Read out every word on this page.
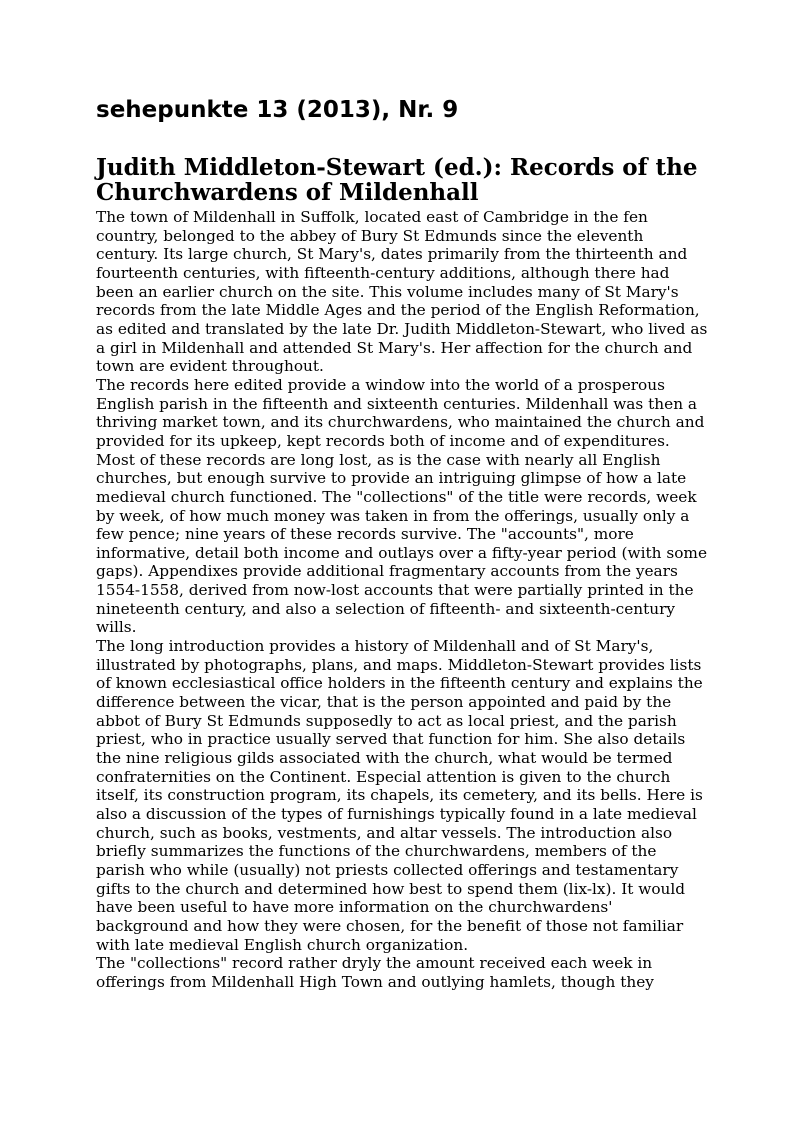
sehepunkte 13 (2013), Nr. 9
Judith Middleton-Stewart (ed.): Records of the Churchwardens of Mildenhall

The town of Mildenhall in Suffolk, located east of Cambridge in the fen country, belonged to the abbey of Bury St Edmunds since the eleventh century. Its large church, St Mary's, dates primarily from the thirteenth and fourteenth centuries, with fifteenth-century additions, although there had been an earlier church on the site. This volume includes many of St Mary's records from the late Middle Ages and the period of the English Reformation, as edited and translated by the late Dr. Judith Middleton-Stewart, who lived as a girl in Mildenhall and attended St Mary's. Her affection for the church and town are evident throughout.

The records here edited provide a window into the world of a prosperous English parish in the fifteenth and sixteenth centuries. Mildenhall was then a thriving market town, and its churchwardens, who maintained the church and provided for its upkeep, kept records both of income and of expenditures. Most of these records are long lost, as is the case with nearly all English churches, but enough survive to provide an intriguing glimpse of how a late medieval church functioned. The "collections" of the title were records, week by week, of how much money was taken in from the offerings, usually only a few pence; nine years of these records survive. The "accounts", more informative, detail both income and outlays over a fifty-year period (with some gaps). Appendixes provide additional fragmentary accounts from the years 1554-1558, derived from now-lost accounts that were partially printed in the nineteenth century, and also a selection of fifteenth- and sixteenth-century wills.

The long introduction provides a history of Mildenhall and of St Mary's, illustrated by photographs, plans, and maps. Middleton-Stewart provides lists of known ecclesiastical office holders in the fifteenth century and explains the difference between the vicar, that is the person appointed and paid by the abbot of Bury St Edmunds supposedly to act as local priest, and the parish priest, who in practice usually served that function for him. She also details the nine religious gilds associated with the church, what would be termed confraternities on the Continent. Especial attention is given to the church itself, its construction program, its chapels, its cemetery, and its bells. Here is also a discussion of the types of furnishings typically found in a late medieval church, such as books, vestments, and altar vessels. The introduction also briefly summarizes the functions of the churchwardens, members of the parish who while (usually) not priests collected offerings and testamentary gifts to the church and determined how best to spend them (lix-lx). It would have been useful to have more information on the churchwardens' background and how they were chosen, for the benefit of those not familiar with late medieval English church organization.

The "collections" record rather dryly the amount received each week in offerings from Mildenhall High Town and outlying hamlets, though they
